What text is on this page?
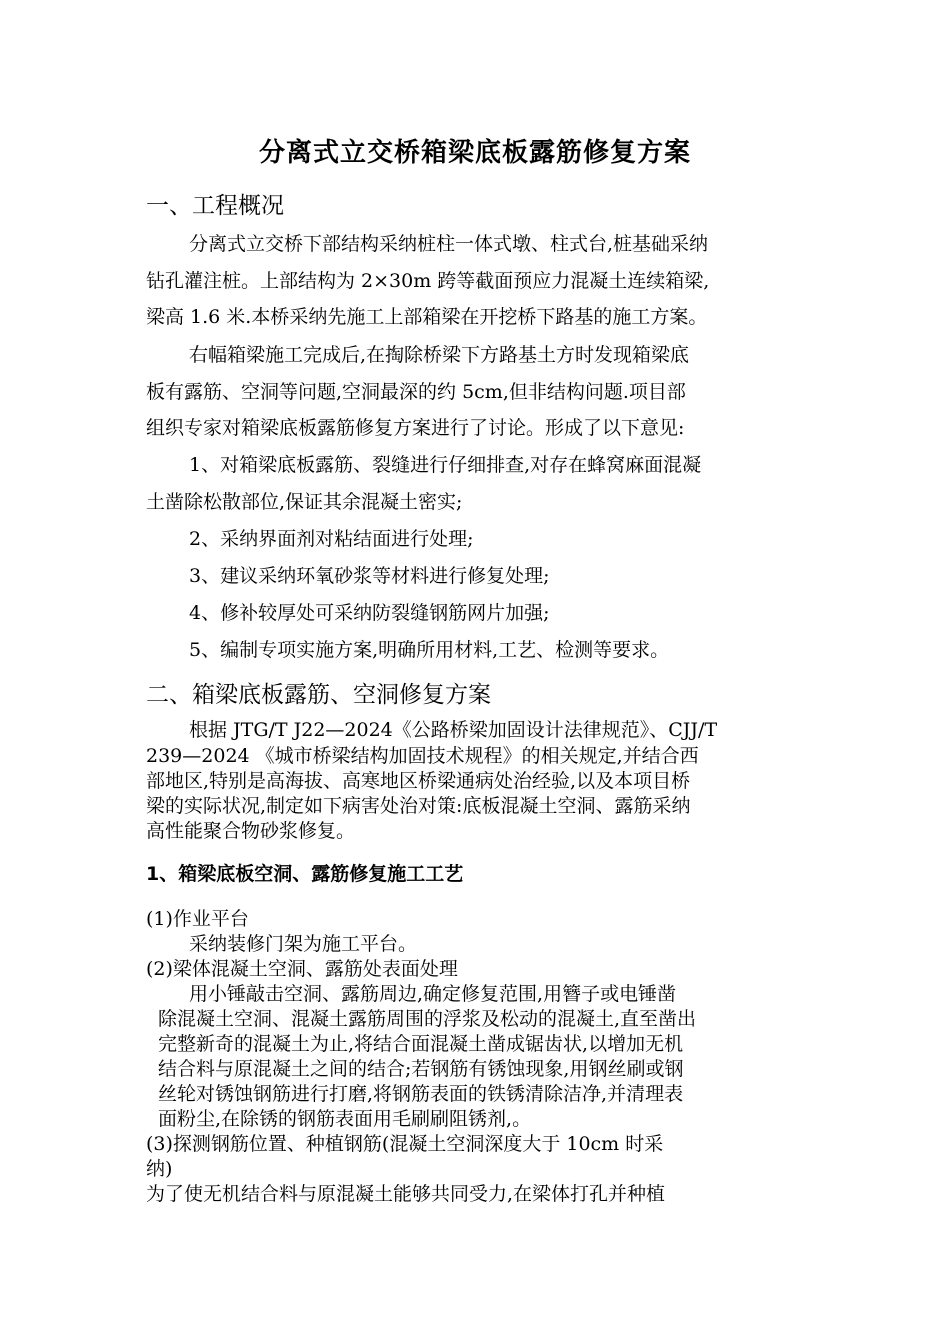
分离式立交桥箱梁底板露筋修复方案
一、工程概况
分离式立交桥下部结构采纳桩柱一体式墩、柱式台,桩基础采纳
钻孔灌注桩。上部结构为 2×30m 跨等截面预应力混凝土连续箱梁,
梁高 1.6 米.本桥采纳先施工上部箱梁在开挖桥下路基的施工方案。
右幅箱梁施工完成后,在掏除桥梁下方路基土方时发现箱梁底
板有露筋、空洞等问题,空洞最深的约 5cm,但非结构问题.项目部
组织专家对箱梁底板露筋修复方案进行了讨论。形成了以下意见:
1、对箱梁底板露筋、裂缝进行仔细排查,对存在蜂窝麻面混凝
土凿除松散部位,保证其余混凝土密实;
2、采纳界面剂对粘结面进行处理;
3、建议采纳环氧砂浆等材料进行修复处理;
4、修补较厚处可采纳防裂缝钢筋网片加强;
5、编制专项实施方案,明确所用材料,工艺、检测等要求。
二、箱梁底板露筋、空洞修复方案
根据 JTG/T J22—2024《公路桥梁加固设计法律规范》、CJJ/T
239—2024 《城市桥梁结构加固技术规程》的相关规定,并结合西
部地区,特别是高海拔、高寒地区桥梁通病处治经验,以及本项目桥
梁的实际状况,制定如下病害处治对策:底板混凝土空洞、露筋采纳
高性能聚合物砂浆修复。
1、箱梁底板空洞、露筋修复施工工艺
(1)作业平台
采纳装修门架为施工平台。
(2)梁体混凝土空洞、露筋处表面处理
用小锤敲击空洞、露筋周边,确定修复范围,用簪子或电锤凿
除混凝土空洞、混凝土露筋周围的浮浆及松动的混凝土,直至凿出
完整新奇的混凝土为止,将结合面混凝土凿成锯齿状,以增加无机
结合料与原混凝土之间的结合;若钢筋有锈蚀现象,用钢丝刷或钢
丝轮对锈蚀钢筋进行打磨,将钢筋表面的铁锈清除洁净,并清理表
面粉尘,在除锈的钢筋表面用毛刷刷阻锈剂,。
(3)探测钢筋位置、种植钢筋(混凝土空洞深度大于 10cm 时采
纳)
为了使无机结合料与原混凝土能够共同受力,在梁体打孔并种植
